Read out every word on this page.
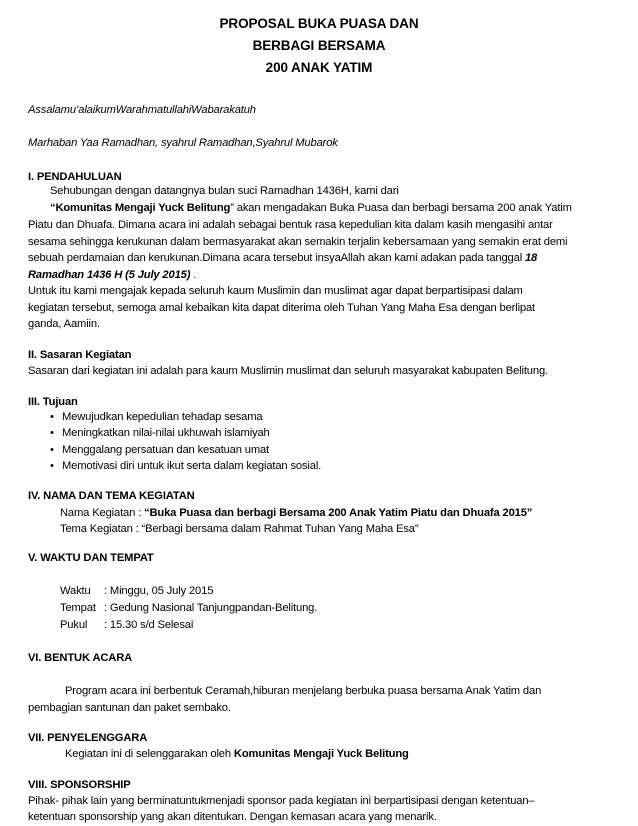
PROPOSAL BUKA PUASA DAN
BERBAGI BERSAMA
200 ANAK YATIM
Assalamu’alaikumWarahmatullahiWabarakatuh
Marhaban Yaa Ramadhan, syahrul Ramadhan,Syahrul Mubarok
I. PENDAHULUAN
Sehubungan dengan datangnya bulan suci Ramadhan 1436H, kami dari
“Komunitas Mengaji Yuck Belitung” akan mengadakan Buka Puasa dan berbagi bersama 200 anak Yatim
Piatu dan Dhuafa. Dimana acara ini adalah sebagai bentuk rasa kepedulian kita dalam kasih mengasihi antar
sesama sehingga kerukunan dalam bermasyarakat akan semakin terjalin kebersamaan yang semakin erat demi
sebuah perdamaian dan kerukunan.Dimana acara tersebut insyaAllah akan kami adakan pada tanggal 18
Ramadhan 1436 H (5 July 2015) .
Untuk itu kami mengajak kepada seluruh kaum Muslimin dan muslimat agar dapat berpartisipasi dalam
kegiatan tersebut, semoga amal kebaikan kita dapat diterima oleh Tuhan Yang Maha Esa dengan berlipat
ganda, Aamiin.
II. Sasaran Kegiatan
Sasaran dari kegiatan ini adalah para kaum Muslimin muslimat dan seluruh masyarakat kabupaten Belitung.
III. Tujuan
• Mewujudkan kepedulian tehadap sesama
• Meningkatkan nilai-nilai ukhuwah islamiyah
• Menggalang persatuan dan kesatuan umat
• Memotivasi diri untuk ikut serta dalam kegiatan sosial.
IV. NAMA DAN TEMA KEGIATAN
Nama Kegiatan : “Buka Puasa dan berbagi Bersama 200 Anak Yatim Piatu dan Dhuafa 2015”
Tema Kegiatan : “Berbagi bersama dalam Rahmat Tuhan Yang Maha Esa”
V. WAKTU DAN TEMPAT
Waktu : Minggu, 05 July 2015
Tempat : Gedung Nasional Tanjungpandan-Belitung.
Pukul : 15.30 s/d Selesai
VI. BENTUK ACARA
Program acara ini berbentuk Ceramah,hiburan menjelang berbuka puasa bersama Anak Yatim dan
pembagian santunan dan paket sembako.
VII. PENYELENGGARA
Kegiatan ini di selenggarakan oleh Komunitas Mengaji Yuck Belitung
VIII. SPONSORSHIP
Pihak- pihak lain yang berminatuntukmenjadi sponsor pada kegiatan ini berpartisipasi dengan ketentuan–
ketentuan sponsorship yang akan ditentukan. Dengan kemasan acara yang menarik.
